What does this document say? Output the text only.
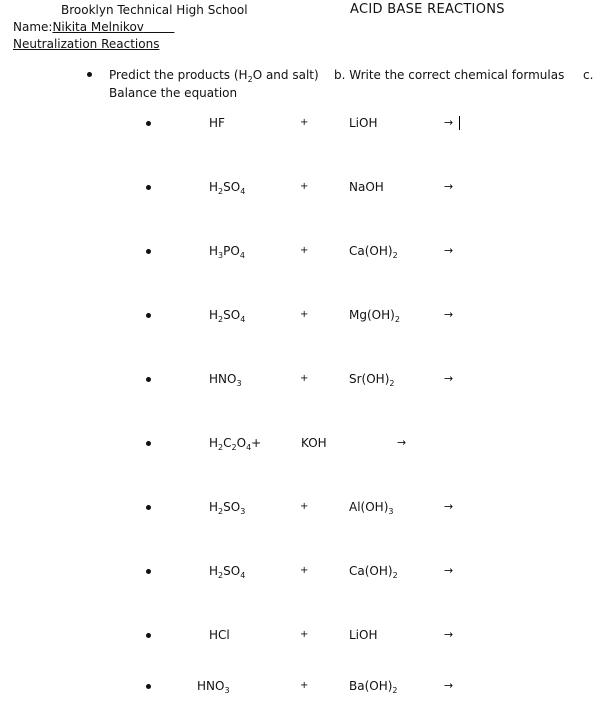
Brooklyn Technical High School	ACID BASE REACTIONS
Name:Nikita Melnikov
Neutralization Reactions
Predict the products ($H_2O$ and salt) b. Write the correct chemical formulas c.
Balance the equation
HF	+	LiOH	→
$H_2SO_4$	+	NaOH	→
$H_3PO_4$	+	$Ca(OH)_2$	→
$H_2SO_4$	+	$Mg(OH)_2$	→
$HNO_3$	+	$Sr(OH)_2$	→
$H_2C_2O_4+$	KOH	→
$H_2SO_3$	+	$Al(OH)_3$	→
$H_2SO_4$	+	$Ca(OH)_2$	→
HCl	+	LiOH	→
$HNO_3$	+	$Ba(OH)_2$	→
